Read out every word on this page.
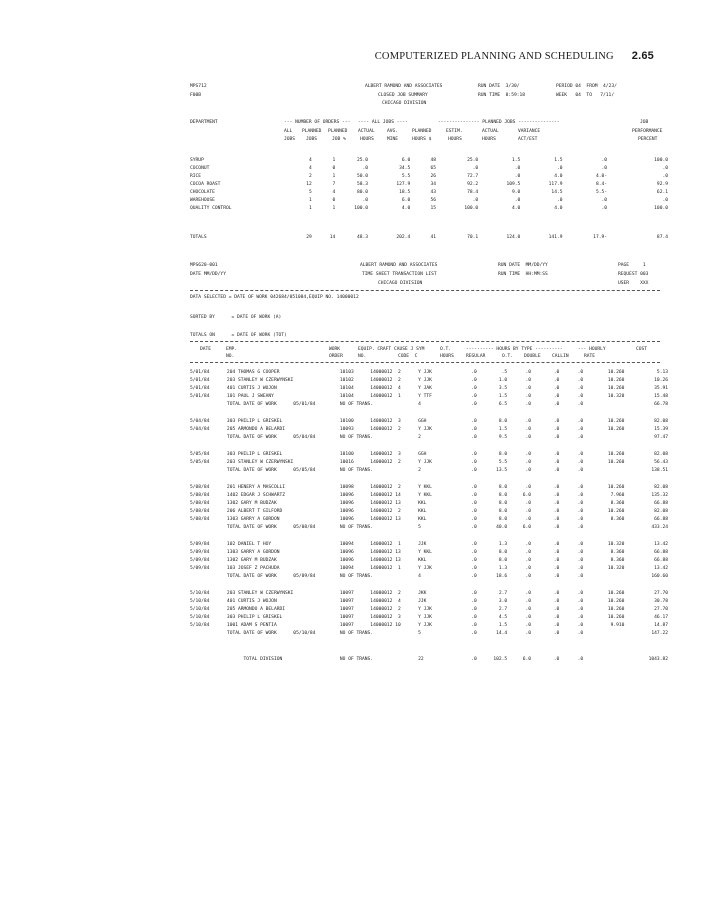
COMPUTERIZED PLANNING AND SCHEDULING 2.65
MPS712
F00B
ALBERT RAMOND AND ASSOCIATES
CLOSED JOB SUMMARY
CHICAGO DIVISION
RUN DATE  3/30/
RUN TIME  8:59:18
PERIOD 04  FROM  4/23/
WEEK   04  TO   7/11/
DEPARTMENT	--- NUMBER OF ORDERS --- ---- ALL JOBS ----	--------------- PLANNED JOBS ---------------	JOB
ALL PLANNED PLANNED ACTUAL	AVG.	PLANNED	ESTIM.	ACTUAL	VARIANCE	PERFORMANCE
JOBS JOBS	JOB %	HOURS	MINE	HOURS $	HOURS	HOURS	ACT/EST	PERCENT
SYRUP	4	1	25.0	6.0	48	25.0	1.5	1.5	.0	100.0
COCONUT	4	0	.0	34.5	65	.0	.0	.0	.0	.0
RICE	2	1	50.0	5.5	26	72.7	.0	4.0	4.0-	.0
COCOA ROAST	12	7	58.3	127.9	34	92.2	109.5	117.9	8.4-	92.9
CHOCOLATE	5	4	80.0	18.5	43	78.4	9.0	14.5	5.5-	62.1
WAREHOUSE	1	0	.0	6.0	56	.0	.0	.0	.0	.0
QUALITY CONTROL	1	1	100.0	4.0	15	100.0	4.0	4.0	.0	100.0
TOTALS	29	14	48.3	202.4	41	70.1	124.0	141.9	17.9-	87.4
MPS620-001
DATE MM/DD/YY
ALBERT RAMOND AND ASSOCIATES
TIME SHEET TRANSACTION LIST
CHICAGO DIVISION
RUN DATE  MM/DD/YY
RUN TIME  HH:MM:SS
PAGE     1
REQUEST 003
USER    XXX
DATA SELECTED = DATE OF WORK 042684/051084,EQUIP NO. 14000012
SORTED BY      = DATE OF WORK (A)
TOTALS ON      = DATE OF WORK (TOT)
DATE	EMP.
NO.
WORK
ORDER
EQUIP. CRAFT CAUSE J SYM
NO.	CODE  C
O.T.
HOURS
---------- HOURS BY TYPE ----------
REGULAR	O.T. DOUBLE CALLIN
--- HOURLY
RATE
COST
5/01/84	204 THOMAS G COOPER	10103	14000012  2	Y JJK	.0	.5	.0	.0	.0	10.260	5.13
5/01/84	203 STANLEY W CZERWYNSKI	10102	14000012  2	Y JJK	.0	1.0	.0	.0	.0	10.260	10.26
5/01/84	401 CURTIS J WOJON	10104	14000012  4	Y JAK	.0	3.5	.0	.0	.0	10.260	35.91
5/01/84	101 PAUL J SWEANY	10104	14000012  1	Y TTF	.0	1.5	.0	.0	.0	10.320	15.48
	TOTAL DATE OF WORK      05/01/84	NO OF TRANS.		4	.0	6.5	.0	.0	.0		66.78

5/04/84	303 PHILIP L GRISKEL	10100	14000012  3	GGH	.0	8.0	.0	.0	.0	10.260	82.08
5/04/84	205 ARMONDO A BELARDI	10093	14000012  2	Y JJK	.0	1.5	.0	.0	.0	10.260	15.39
	TOTAL DATE OF WORK      05/04/84	NO OF TRANS.		2	.0	9.5	.0	.0	.0		97.47

5/05/84	303 PHILIP L GRISKEL	10100	14000012  3	GGH	.0	8.0	.0	.0	.0	10.260	82.08
5/05/84	203 STANLEY W CZERWYNSKI	10016	14000012  2	Y JJK	.0	5.5	.0	.0	.0	10.260	56.43
	TOTAL DATE OF WORK      05/05/84	NO OF TRANS.		2	.0	13.5	.0	.0	.0		138.51

5/08/84	201 HENERY A MASCOLLI	10098	14000012  2	Y KKL	.0	8.0	.0	.0	.0	10.260	82.08
5/08/84	1402 EDGAR J SCHWARTZ	10096	14000012 14	Y KKL	.0	8.0	6.0	.0	.0	7.960	135.32
5/08/84	1302 GARY M BUDZAK	10096	14000012 13	KKL	.0	8.0	.0	.0	.0	8.360	66.88
5/08/84	206 ALBERT T GILFORD	10096	14000012  2	KKL	.0	8.0	.0	.0	.0	10.260	82.08
5/08/84	1303 GARRY A GORDON	10096	14000012 13	KKL	.0	8.0	.0	.0	.0	8.360	66.88
	TOTAL DATE OF WORK      05/08/84	NO OF TRANS.		5	.0	40.0	6.0	.0	.0		433.24

5/09/84	102 DANIEL T HOY	10094	14000012  1	JJK	.0	1.3	.0	.0	.0	10.320	13.42
5/09/84	1303 GARRY A GORDON	10096	14000012 13	Y KKL	.0	8.0	.0	.0	.0	8.360	66.88
5/09/84	1302 GARY M BUDZAK	10096	14000012 13	KKL	.0	8.0	.0	.0	.0	8.360	66.88
5/09/84	103 JOSEF Z PACHUDA	10094	14000012  1	Y JJK	.0	1.3	.0	.0	.0	10.320	13.42
	TOTAL DATE OF WORK      05/09/84	NO OF TRANS.		4	.0	18.6	.0	.0	.0		160.60

5/10/84	203 STANLEY W CZERWYNSKI	10097	14000012  2	JKK	.0	2.7	.0	.0	.0	10.260	27.70
5/10/84	401 CURTIS J WOJON	10097	14000012  4	JJK	.0	3.0	.0	.0	.0	10.260	30.78
5/10/84	205 ARMONDO A BELARDI	10097	14000012  2	Y JJK	.0	2.7	.0	.0	.0	10.260	27.70
5/10/84	303 PHILIP L GRISKEL	10097	14000012  3	Y JJK	.0	4.5	.0	.0	.0	10.260	46.17
5/10/84	1001 ADAM S PENTIA	10097	14000012 10	Y JJK	.0	1.5	.0	.0	.0	9.910	14.87
	TOTAL DATE OF WORK      05/10/84	NO OF TRANS.		5	.0	14.4	.0	.0	.0		147.22

	TOTAL DIVISION	NO OF TRANS.		22	.0	102.5	6.0	.0	.0		1043.82
